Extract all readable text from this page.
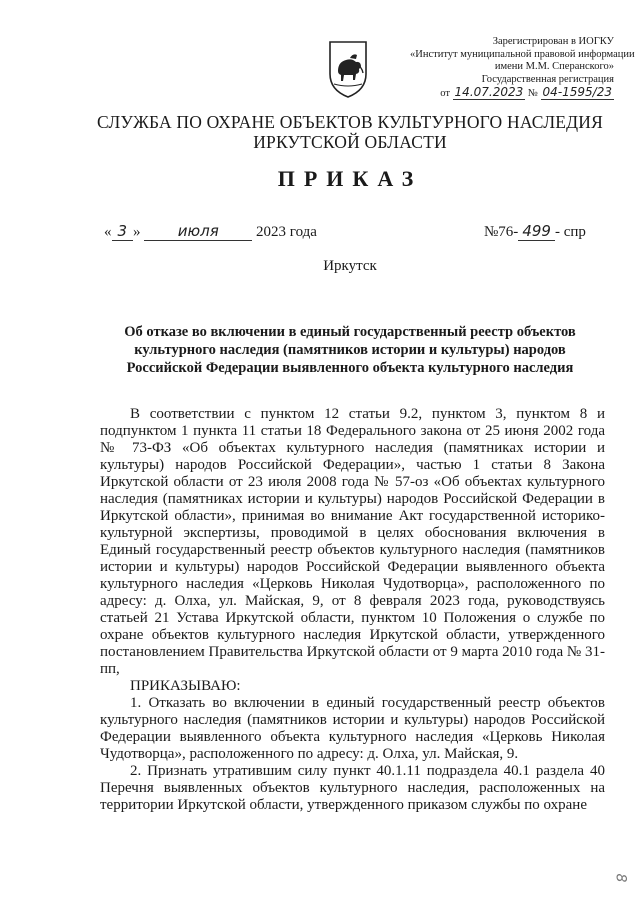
Зарегистрирован в ИОГКУ
«Институт муниципальной правовой информации
имени М.М. Сперанского»
Государственная регистрация
от 14.07.2023 № 04-1595/23
СЛУЖБА ПО ОХРАНЕ ОБЪЕКТОВ КУЛЬТУРНОГО НАСЛЕДИЯ
ИРКУТСКОЙ ОБЛАСТИ
ПРИКАЗ
« 3 » июля 2023 года	№76- 499 - спр
Иркутск
Об отказе во включении в единый государственный реестр объектов культурного наследия (памятников истории и культуры) народов Российской Федерации выявленного объекта культурного наследия

В соответствии с пунктом 12 статьи 9.2, пунктом 3, пунктом 8 и подпунктом 1 пункта 11 статьи 18 Федерального закона от 25 июня 2002 года № 73-ФЗ «Об объектах культурного наследия (памятниках истории и культуры) народов Российской Федерации», частью 1 статьи 8 Закона Иркутской области от 23 июля 2008 года № 57-оз «Об объектах культурного наследия (памятниках истории и культуры) народов Российской Федерации в Иркутской области», принимая во внимание Акт государственной историко-культурной экспертизы, проводимой в целях обоснования включения в Единый государственный реестр объектов культурного наследия (памятников истории и культуры) народов Российской Федерации выявленного объекта культурного наследия «Церковь Николая Чудотворца», расположенного по адресу: д. Олха, ул. Майская, 9, от 8 февраля 2023 года, руководствуясь статьей 21 Устава Иркутской области, пунктом 10 Положения о службе по охране объектов культурного наследия Иркутской области, утвержденного постановлением Правительства Иркутской области от 9 марта 2010 года № 31-пп,

ПРИКАЗЫВАЮ:

1. Отказать во включении в единый государственный реестр объектов культурного наследия (памятников истории и культуры) народов Российской Федерации выявленного объекта культурного наследия «Церковь Николая Чудотворца», расположенного по адресу: д. Олха, ул. Майская, 9.

2. Признать утратившим силу пункт 40.1.11 подраздела 40.1 раздела 40 Перечня выявленных объектов культурного наследия, расположенных на территории Иркутской области, утвержденного приказом службы по охране

8
